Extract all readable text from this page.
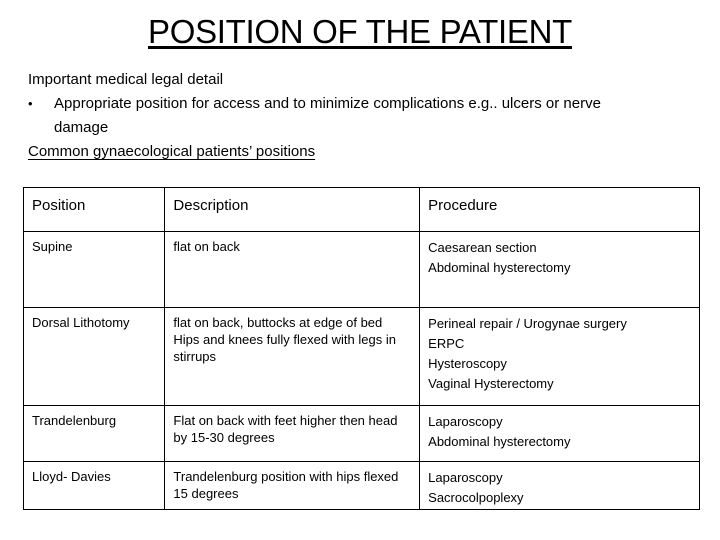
POSITION OF THE PATIENT
Important medical legal detail
•	Appropriate position for access and to minimize complications e.g.. ulcers or nerve
damage
Common gynaecological patients’ positions
Position	Description	Procedure
Supine	flat on back	Caesarean section
Abdominal hysterectomy

Dorsal Lithotomy	flat on back, buttocks at edge of bed Hips and knees fully flexed with legs in stirrups	Perineal repair / Urogynae surgery
ERPC
Hysteroscopy
Vaginal Hysterectomy

Trandelenburg	Flat on back with feet higher then head by 15-30 degrees	Laparoscopy
Abdominal hysterectomy

Lloyd- Davies	Trandelenburg position with hips flexed 15 degrees	Laparoscopy
Sacrocolpoplexy
